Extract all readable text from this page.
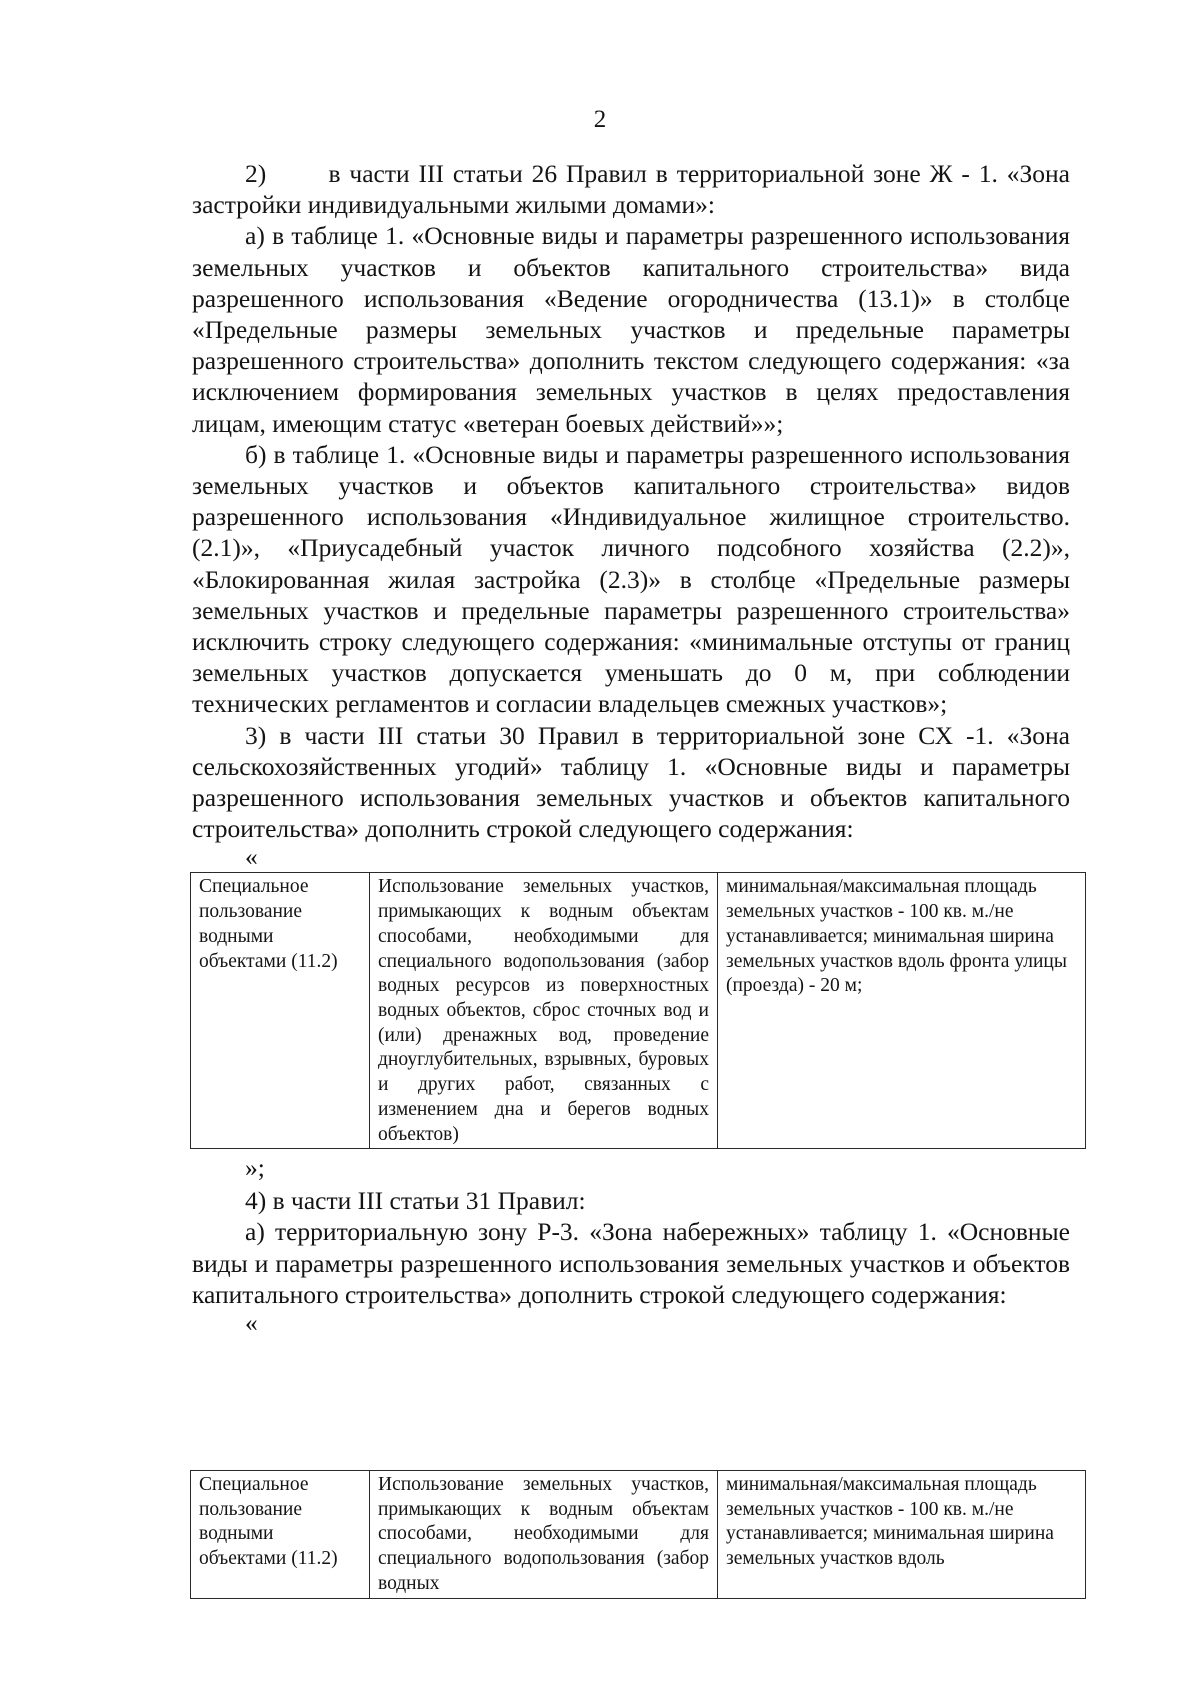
2

2)       в части III статьи 26 Правил в территориальной зоне Ж - 1. «Зона застройки индивидуальными жилыми домами»:

а) в таблице 1. «Основные виды и параметры разрешенного использования земельных участков и объектов капитального строительства» вида разрешенного использования «Ведение огородничества (13.1)» в столбце «Предельные размеры земельных участков и предельные параметры разрешенного строительства» дополнить текстом следующего содержания: «за исключением формирования земельных участков в целях предоставления лицам, имеющим статус «ветеран боевых действий»»;

б) в таблице 1. «Основные виды и параметры разрешенного использования земельных участков и объектов капитального строительства» видов разрешенного использования «Индивидуальное жилищное строительство. (2.1)», «Приусадебный участок личного подсобного хозяйства (2.2)», «Блокированная жилая застройка (2.3)» в столбце «Предельные размеры земельных участков и предельные параметры разрешенного строительства» исключить строку следующего содержания: «минимальные отступы от границ земельных участков допускается уменьшать до 0 м, при соблюдении технических регламентов и согласии владельцев смежных участков»;

3) в части III статьи 30 Правил в территориальной зоне СХ -1. «Зона сельскохозяйственных угодий» таблицу 1. «Основные виды и параметры разрешенного использования земельных участков и объектов капитального строительства» дополнить строкой следующего содержания:

«

Специальное пользование водными объектами (11.2)	Использование земельных участков, примыкающих к водным объектам способами, необходимыми для специального водопользования (забор водных ресурсов из поверхностных водных объектов, сброс сточных вод и (или) дренажных вод, проведение дноуглубительных, взрывных, буровых и других работ, связанных с изменением дна и берегов водных объектов)	минимальная/максимальная площадь земельных участков - 100 кв. м./не устанавливается; минимальная ширина земельных участков вдоль фронта улицы (проезда) - 20 м;

»;

4) в части III статьи 31 Правил:

а) территориальную зону Р-3. «Зона набережных» таблицу 1. «Основные виды и параметры разрешенного использования земельных участков и объектов капитального строительства» дополнить строкой следующего содержания:

«

Специальное пользование водными объектами (11.2)	Использование земельных участков, примыкающих к водным объектам способами, необходимыми для специального водопользования (забор водных	минимальная/максимальная площадь земельных участков - 100 кв. м./не устанавливается; минимальная ширина земельных участков вдоль
